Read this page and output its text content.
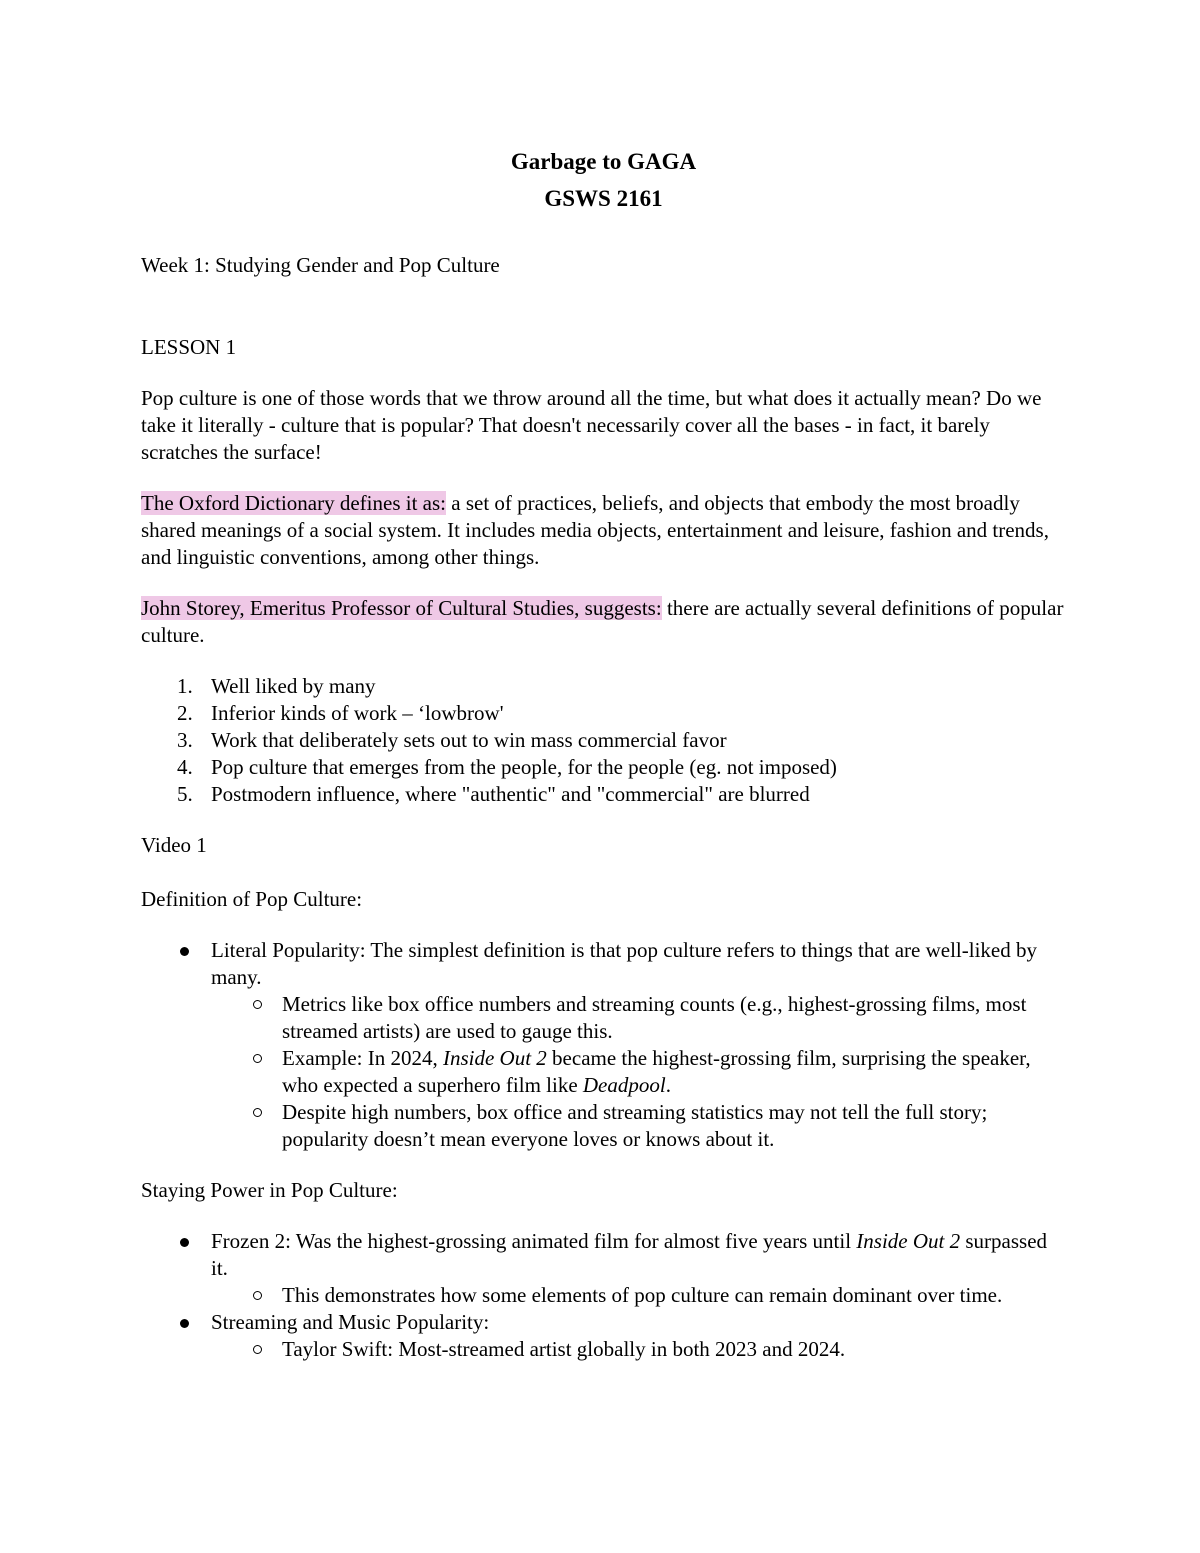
Garbage to GAGA

GSWS 2161

Week 1: Studying Gender and Pop Culture

LESSON 1

Pop culture is one of those words that we throw around all the time, but what does it actually mean? Do we take it literally - culture that is popular? That doesn't necessarily cover all the bases - in fact, it barely scratches the surface!

The Oxford Dictionary defines it as: a set of practices, beliefs, and objects that embody the most broadly shared meanings of a social system. It includes media objects, entertainment and leisure, fashion and trends, and linguistic conventions, among other things.

John Storey, Emeritus Professor of Cultural Studies, suggests: there are actually several definitions of popular culture.

1. Well liked by many
2. Inferior kinds of work – ‘lowbrow'
3. Work that deliberately sets out to win mass commercial favor
4. Pop culture that emerges from the people, for the people (eg. not imposed)
5. Postmodern influence, where "authentic" and "commercial" are blurred

Video 1

Definition of Pop Culture:

Literal Popularity: The simplest definition is that pop culture refers to things that are well-liked by many.
Metrics like box office numbers and streaming counts (e.g., highest-grossing films, most streamed artists) are used to gauge this.
Example: In 2024, Inside Out 2 became the highest-grossing film, surprising the speaker, who expected a superhero film like Deadpool.
Despite high numbers, box office and streaming statistics may not tell the full story; popularity doesn’t mean everyone loves or knows about it.

Staying Power in Pop Culture:

Frozen 2: Was the highest-grossing animated film for almost five years until Inside Out 2 surpassed it.
This demonstrates how some elements of pop culture can remain dominant over time.
Streaming and Music Popularity:
Taylor Swift: Most-streamed artist globally in both 2023 and 2024.
